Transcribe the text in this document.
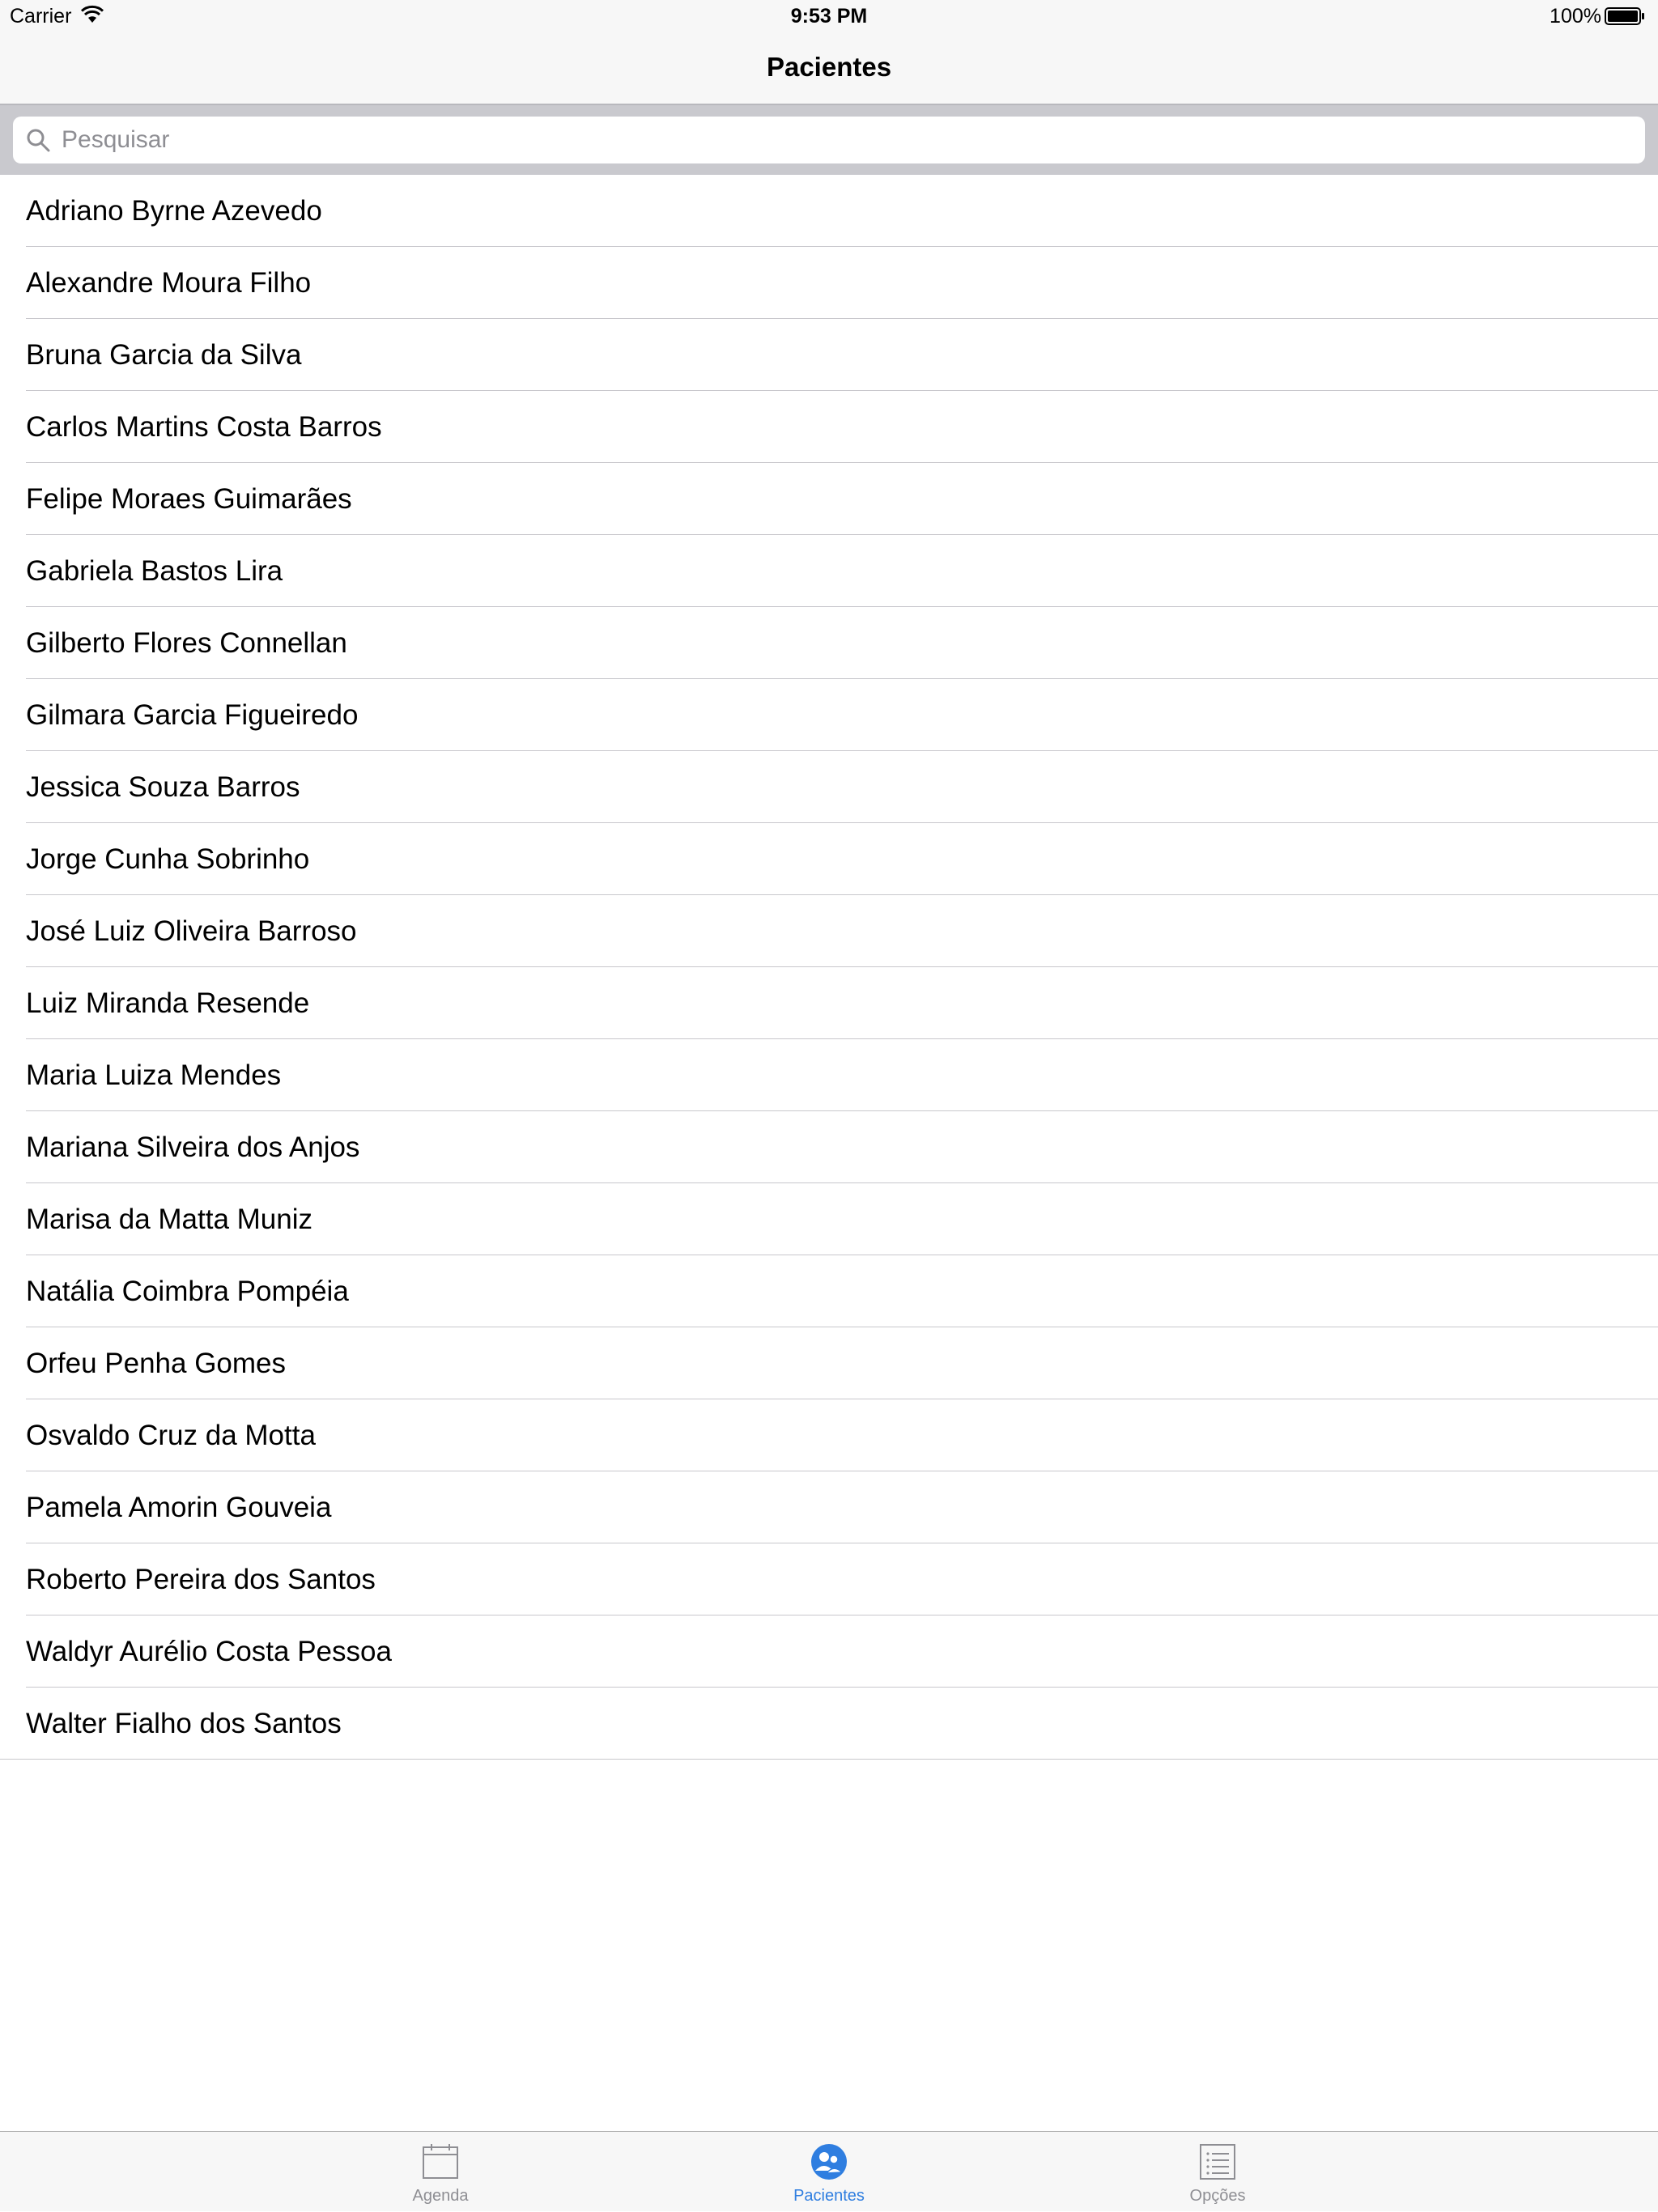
Carrier	9:53 PM	100%
Pacientes
Pesquisar
Adriano Byrne Azevedo
Alexandre Moura Filho
Bruna Garcia da Silva
Carlos Martins Costa Barros
Felipe Moraes Guimarães
Gabriela Bastos Lira
Gilberto Flores Connellan
Gilmara Garcia Figueiredo
Jessica Souza Barros
Jorge Cunha Sobrinho
José Luiz Oliveira Barroso
Luiz Miranda Resende
Maria Luiza Mendes
Mariana Silveira dos Anjos
Marisa da Matta Muniz
Natália Coimbra Pompéia
Orfeu Penha Gomes
Osvaldo Cruz da Motta
Pamela Amorin Gouveia
Roberto Pereira dos Santos
Waldyr Aurélio Costa Pessoa
Walter Fialho dos Santos
Agenda	Pacientes	Opções
